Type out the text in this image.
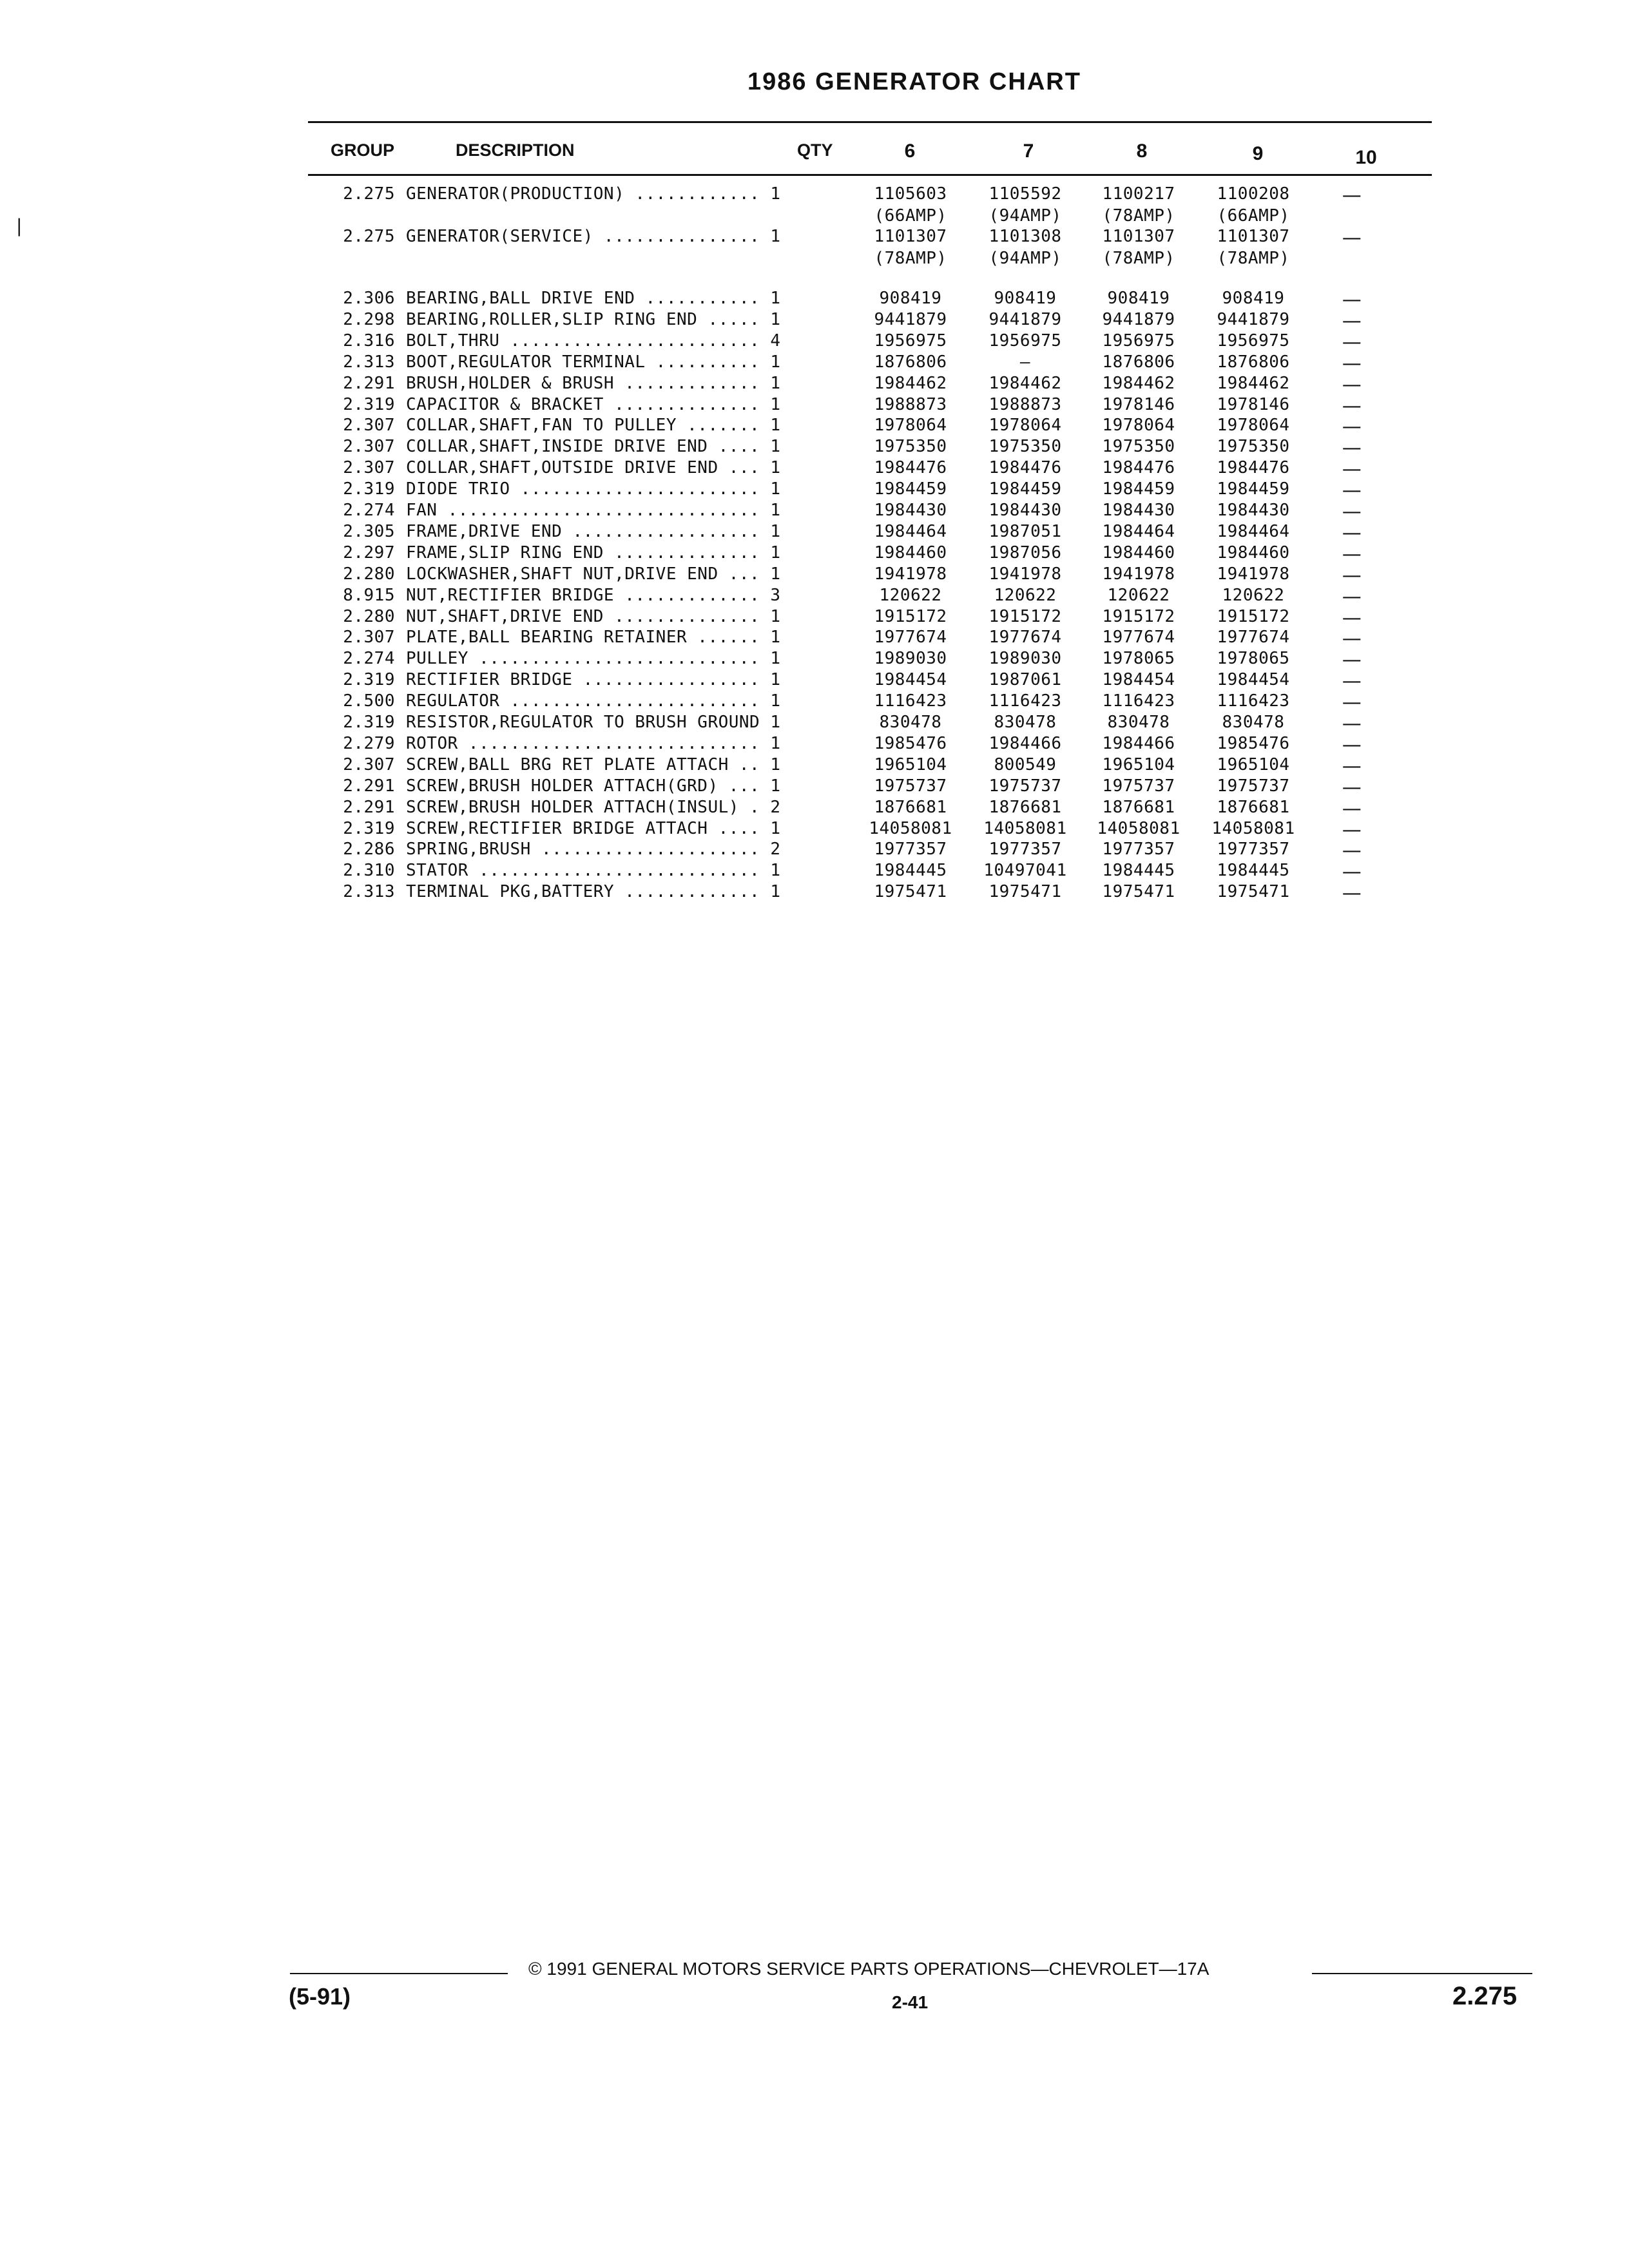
1986 GENERATOR CHART
GROUP	DESCRIPTION	QTY	6	7	8	9	10
2.275 GENERATOR(PRODUCTION) ............ 1	1105603	1105592	1100217	1100208	—
(66AMP)	(94AMP)	(78AMP)	(66AMP)
2.275 GENERATOR(SERVICE) ............... 1	1101307	1101308	1101307	1101307	—
(78AMP)	(94AMP)	(78AMP)	(78AMP)
2.306 BEARING,BALL DRIVE END ........... 1	908419	908419	908419	908419	—
2.298 BEARING,ROLLER,SLIP RING END ..... 1	9441879	9441879	9441879	9441879	—
2.316 BOLT,THRU ........................ 4	1956975	1956975	1956975	1956975	—
2.313 BOOT,REGULATOR TERMINAL .......... 1	1876806	—	1876806	1876806	—
2.291 BRUSH,HOLDER & BRUSH ............. 1	1984462	1984462	1984462	1984462	—
2.319 CAPACITOR & BRACKET .............. 1	1988873	1988873	1978146	1978146	—
2.307 COLLAR,SHAFT,FAN TO PULLEY ....... 1	1978064	1978064	1978064	1978064	—
2.307 COLLAR,SHAFT,INSIDE DRIVE END .... 1	1975350	1975350	1975350	1975350	—
2.307 COLLAR,SHAFT,OUTSIDE DRIVE END ... 1	1984476	1984476	1984476	1984476	—
2.319 DIODE TRIO ....................... 1	1984459	1984459	1984459	1984459	—
2.274 FAN .............................. 1	1984430	1984430	1984430	1984430	—
2.305 FRAME,DRIVE END .................. 1	1984464	1987051	1984464	1984464	—
2.297 FRAME,SLIP RING END .............. 1	1984460	1987056	1984460	1984460	—
2.280 LOCKWASHER,SHAFT NUT,DRIVE END ... 1	1941978	1941978	1941978	1941978	—
8.915 NUT,RECTIFIER BRIDGE ............. 3	120622	120622	120622	120622	—
2.280 NUT,SHAFT,DRIVE END .............. 1	1915172	1915172	1915172	1915172	—
2.307 PLATE,BALL BEARING RETAINER ...... 1	1977674	1977674	1977674	1977674	—
2.274 PULLEY ........................... 1	1989030	1989030	1978065	1978065	—
2.319 RECTIFIER BRIDGE ................. 1	1984454	1987061	1984454	1984454	—
2.500 REGULATOR ........................ 1	1116423	1116423	1116423	1116423	—
2.319 RESISTOR,REGULATOR TO BRUSH GROUND 1	830478	830478	830478	830478	—
2.279 ROTOR ............................ 1	1985476	1984466	1984466	1985476	—
2.307 SCREW,BALL BRG RET PLATE ATTACH .. 1	1965104	800549	1965104	1965104	—
2.291 SCREW,BRUSH HOLDER ATTACH(GRD) ... 1	1975737	1975737	1975737	1975737	—
2.291 SCREW,BRUSH HOLDER ATTACH(INSUL) . 2	1876681	1876681	1876681	1876681	—
2.319 SCREW,RECTIFIER BRIDGE ATTACH .... 1	14058081	14058081	14058081	14058081	—
2.286 SPRING,BRUSH ..................... 2	1977357	1977357	1977357	1977357	—
2.310 STATOR ........................... 1	1984445	10497041	1984445	1984445	—
2.313 TERMINAL PKG,BATTERY ............. 1	1975471	1975471	1975471	1975471	—
❘
© 1991 GENERAL MOTORS SERVICE PARTS OPERATIONS—CHEVROLET—17A
(5-91)	2-41	2.275
